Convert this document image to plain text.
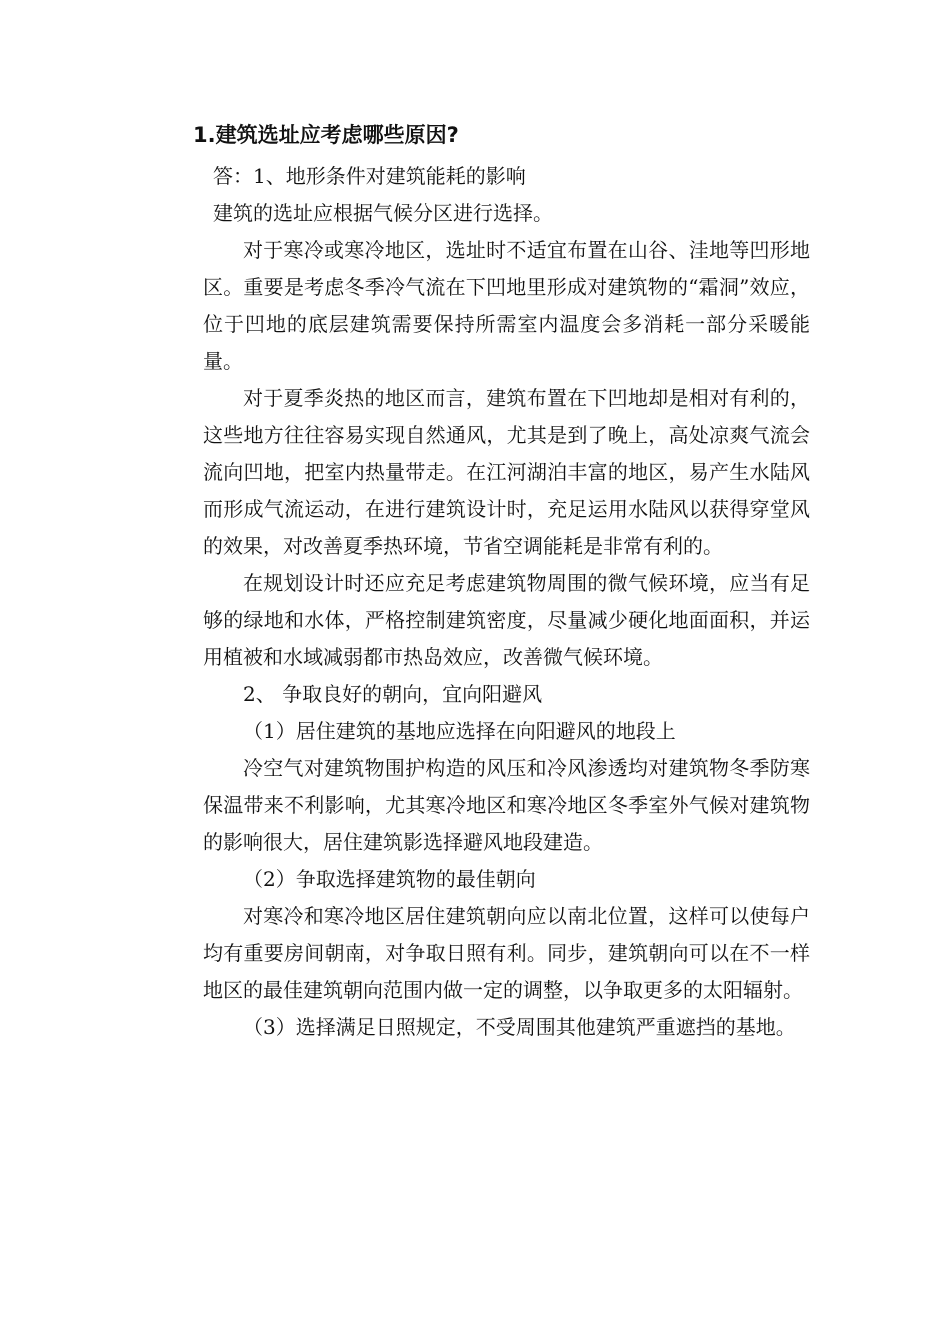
1.建筑选址应考虑哪些原因?

答：1、地形条件对建筑能耗的影响

建筑的选址应根据气候分区进行选择。

对于寒冷或寒冷地区，选址时不适宜布置在山谷、洼地等凹形地区。重要是考虑冬季冷气流在下凹地里形成对建筑物的“霜洞”效应，位于凹地的底层建筑需要保持所需室内温度会多消耗一部分采暖能量。

对于夏季炎热的地区而言，建筑布置在下凹地却是相对有利的，这些地方往往容易实现自然通风，尤其是到了晚上，高处凉爽气流会流向凹地，把室内热量带走。在江河湖泊丰富的地区，易产生水陆风而形成气流运动，在进行建筑设计时，充足运用水陆风以获得穿堂风的效果，对改善夏季热环境，节省空调能耗是非常有利的。

在规划设计时还应充足考虑建筑物周围的微气候环境，应当有足够的绿地和水体，严格控制建筑密度，尽量减少硬化地面面积，并运用植被和水域减弱都市热岛效应，改善微气候环境。

2、 争取良好的朝向，宜向阳避风

（1）居住建筑的基地应选择在向阳避风的地段上

冷空气对建筑物围护构造的风压和冷风渗透均对建筑物冬季防寒保温带来不利影响，尤其寒冷地区和寒冷地区冬季室外气候对建筑物的影响很大，居住建筑影选择避风地段建造。

（2）争取选择建筑物的最佳朝向

对寒冷和寒冷地区居住建筑朝向应以南北位置，这样可以使每户均有重要房间朝南，对争取日照有利。同步，建筑朝向可以在不一样地区的最佳建筑朝向范围内做一定的调整，以争取更多的太阳辐射。

（3）选择满足日照规定，不受周围其他建筑严重遮挡的基地。
